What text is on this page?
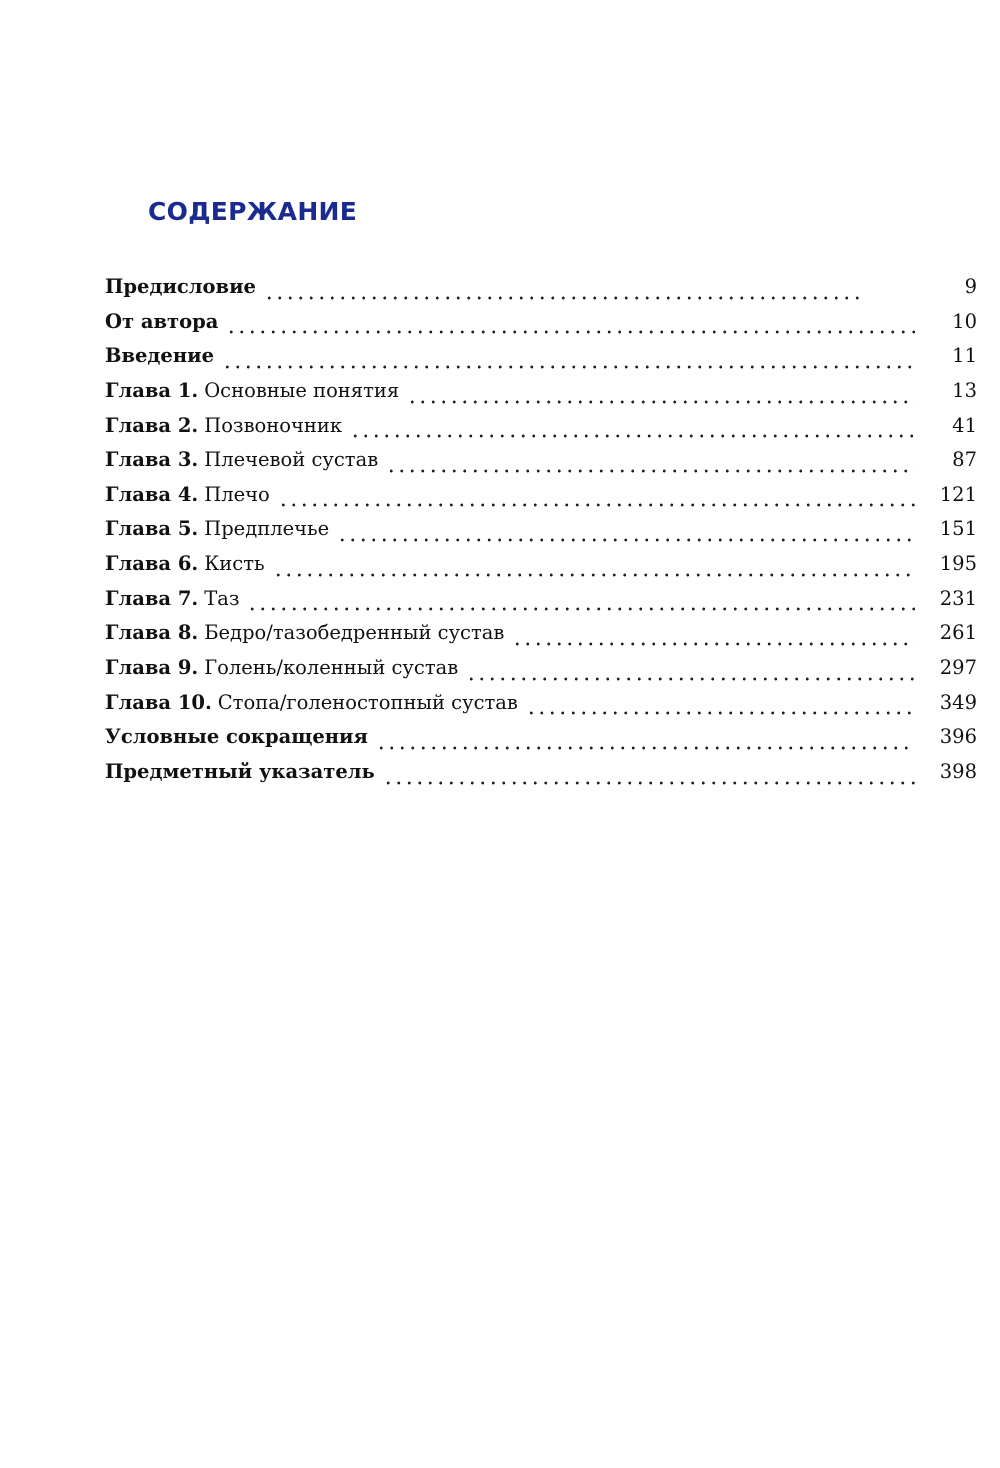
СОДЕРЖАНИЕ
Предисловие	9
От автора	10
Введение	11
Глава 1. Основные понятия	13
Глава 2. Позвоночник	41
Глава 3. Плечевой сустав	87
Глава 4. Плечо	121
Глава 5. Предплечье	151
Глава 6. Кисть	195
Глава 7. Таз	231
Глава 8. Бедро/тазобедренный сустав	261
Глава 9. Голень/коленный сустав	297
Глава 10. Стопа/голеностопный сустав	349
Условные сокращения	396
Предметный указатель	398
